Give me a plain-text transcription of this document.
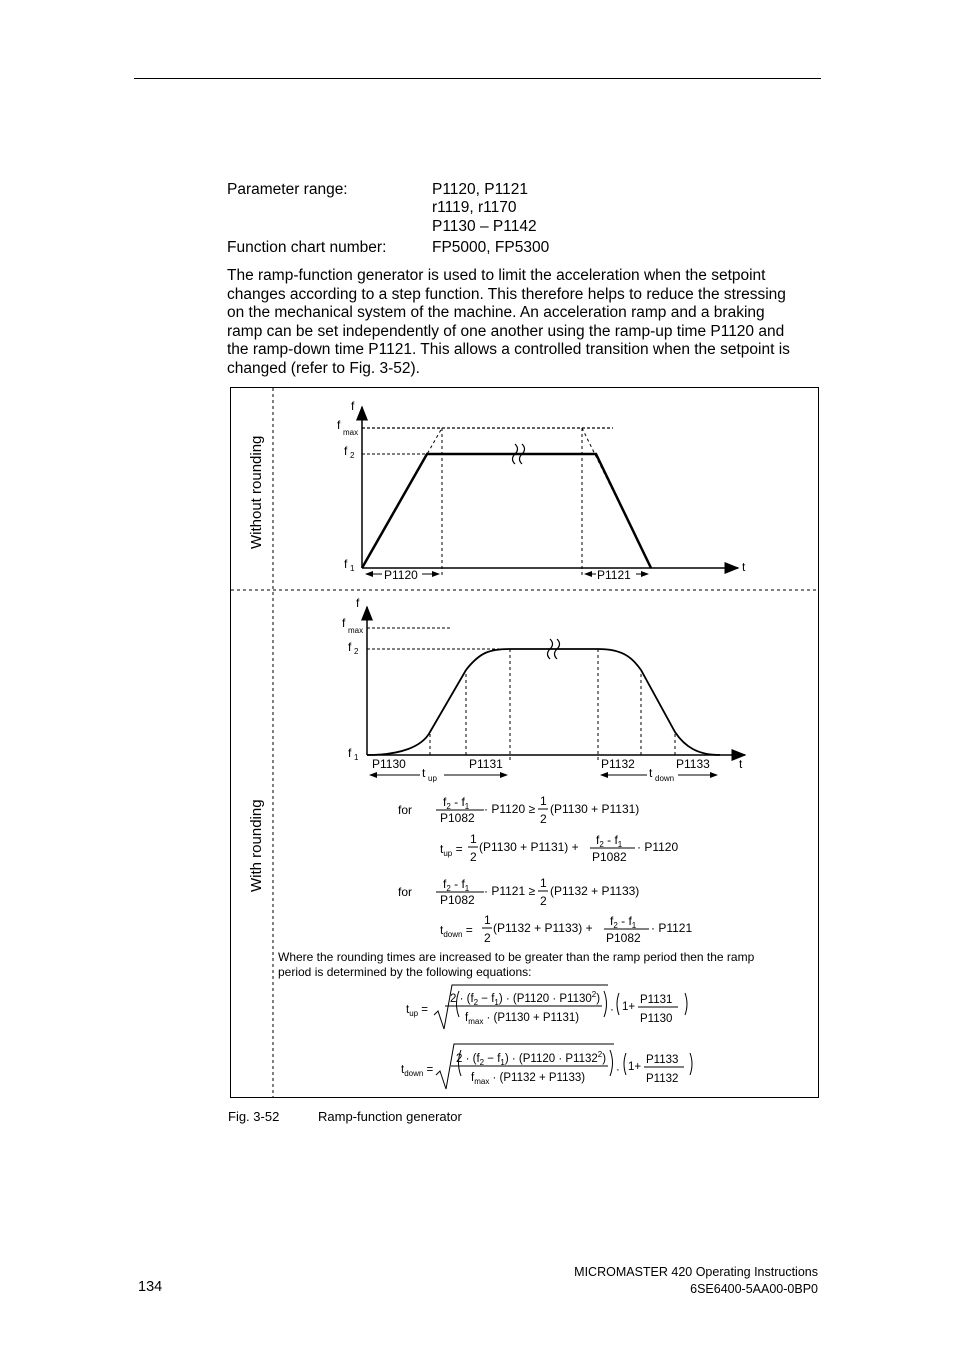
Parameter range:	P1120, P1121
r1119, r1170
P1130 – P1142
Function chart number:	FP5000, FP5300
The ramp-function generator is used to limit the acceleration when the setpoint
changes according to a step function. This therefore helps to reduce the stressing
on the mechanical system of the machine. An acceleration ramp and a braking
ramp can be set independently of one another using the ramp-up time P1120 and
the ramp-down time P1121. This allows a controlled transition when the setpoint is
changed (refer to Fig. 3-52).
Without rounding
With rounding
f
f
max
f 2
f 1	t
P1120	P1121
f
f
max
f 2
f 1	t
P1130	P1131	P1132	P1133
t up	t down
for
$f_2 - f_1$
P1082
· P1120 ≥
1
2
(P1130 + P1131)
$t_{up}$ =
1
2
$(P1130 + P1131) + f_2 - f_1$
P1082
· P1120
for
$f_2 - f_1$
P1082
· P1121 ≥
1
2
(P1132 + P1133)
$t_{down}$ =
1
2
$(P1132 + P1133) + f_2 - f_1$
P1082
· P1121
Where the rounding times are increased to be greater than the ramp period then the ramp
period is determined by the following equations:
$t_{up}$ =
$2 \cdot (f_2 - f_1) \cdot (P1120 \cdot P1130^2)$
$f_{max} \cdot (P1130 + P1131)$
· 1+
P1131
P1130
$t_{down}$ =
$2 \cdot (f_2 - f_1) \cdot (P1120 \cdot P1132^2)$
$f_{max} \cdot (P1132 + P1133)$
· 1+
P1133
P1132
Fig. 3-52	Ramp-function generator
134
MICROMASTER 420 Operating Instructions
6SE6400-5AA00-0BP0
